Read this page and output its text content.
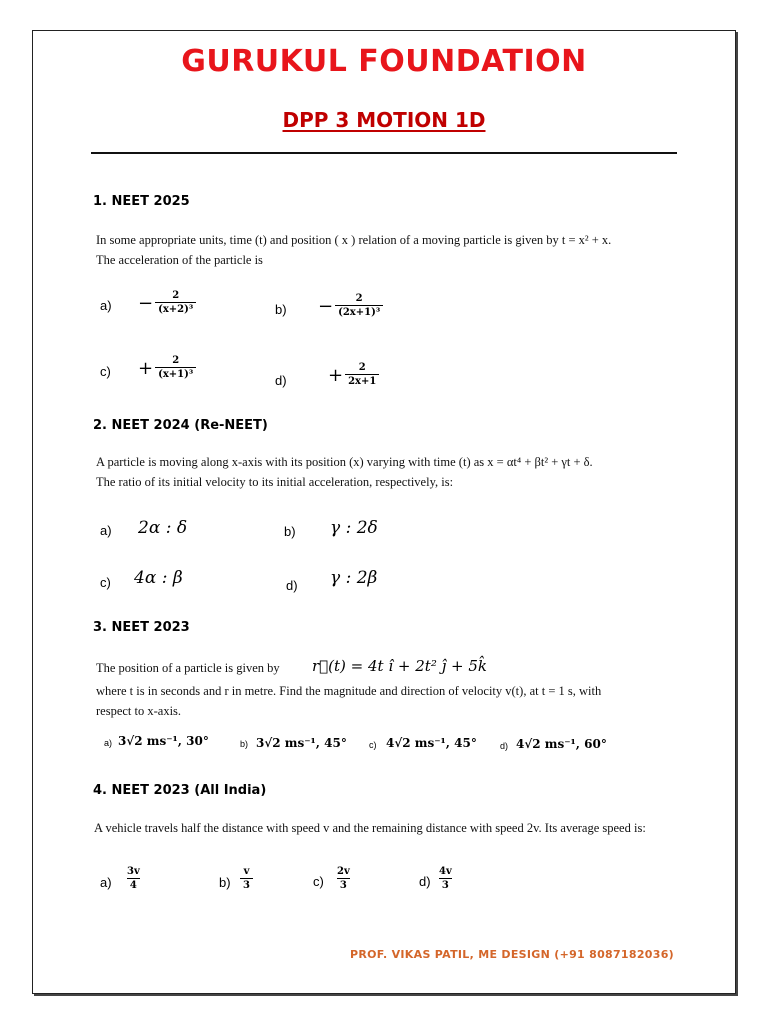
GURUKUL FOUNDATION
DPP 3 MOTION 1D
1. NEET 2025
In some appropriate units, time (t) and position ( x ) relation of a moving particle is given by t = x² + x.
The acceleration of the particle is
$a) - \frac{2}{\text{(x+2)³}}$	$b) - \frac{2}{\text{(2x+1)³}}$
$c) + \frac{2}{\text{(x+1)³}}$	$d) + \frac{2}{2x+1}$
2. NEET 2024 (Re-NEET)
A particle is moving along x-axis with its position (x) varying with time (t) as x = αt⁴ + βt² + γt + δ.
The ratio of its initial velocity to its initial acceleration, respectively, is:
a) 2α : δ	b) γ : 2δ
c) 4α : β	d) γ : 2β
3. NEET 2023
The position of a particle is given by	r⃗(t) = 4t î + 2t² ĵ + 5k̂
where t is in seconds and r in metre. Find the magnitude and direction of velocity v(t), at t = 1 s, with
respect to x-axis.
a) 3√2 ms⁻¹, 30°	b) 3√2 ms⁻¹, 45° c) 4√2 ms⁻¹, 45°	d) 4√2 ms⁻¹, 60°
4. NEET 2023 (All India)
A vehicle travels half the distance with speed v and the remaining distance with speed 2v. Its average speed is:
$a) \frac{3v}{4}$	$b) \frac{v}{3}$	$c) \frac{2v}{3}$	$d) \frac{4v}{3}$
PROF. VIKAS PATIL, ME DESIGN (+91 8087182036)
